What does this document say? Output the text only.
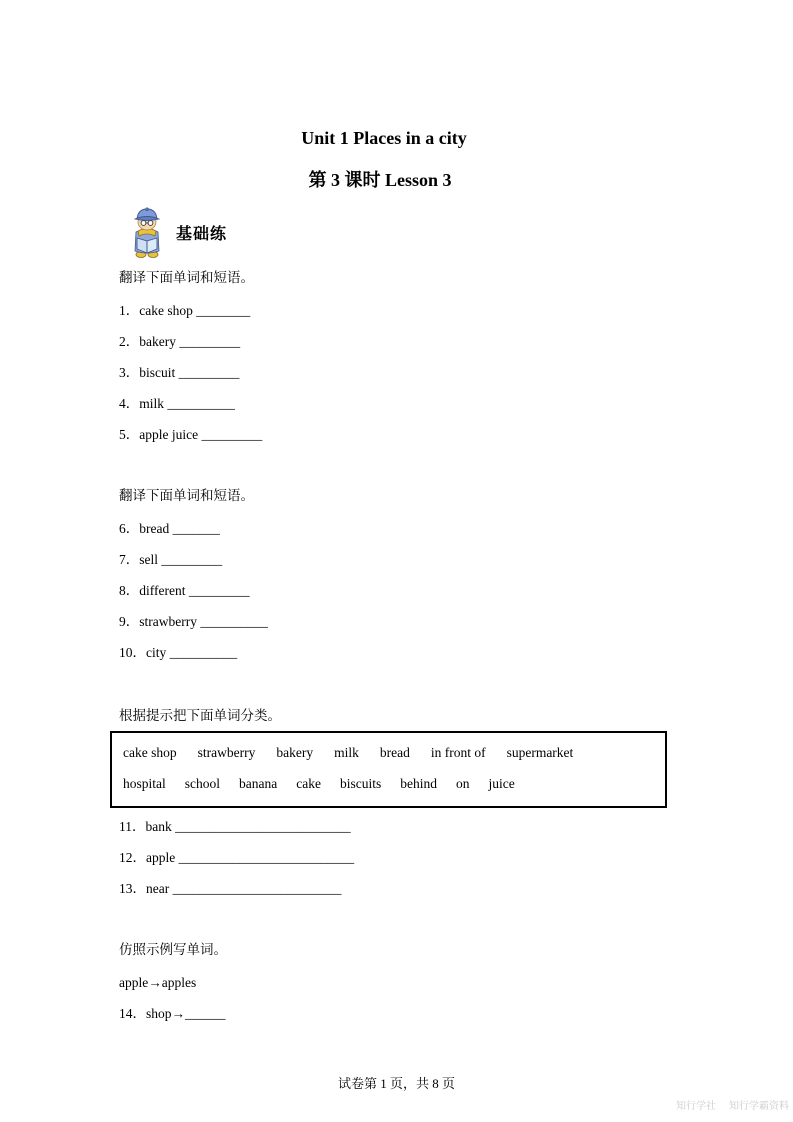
Unit 1 Places in a city
第 3 课时 Lesson 3
基础练
翻译下面单词和短语。
1．cake shop ________
2．bakery _________
3．biscuit _________
4．milk __________
5．apple juice _________
翻译下面单词和短语。
6．bread _______
7．sell _________
8．different _________
9．strawberry __________
10．city __________
根据提示把下面单词分类。
cake shop strawberry bakery milk bread in front of supermarket
hospital school banana cake biscuits behind on juice
11．bank __________________________
12．apple __________________________
13．near _________________________
仿照示例写单词。
apple→apples
14．shop→______
试卷第 1 页，共 8 页
知行学社 知行学霸资料
